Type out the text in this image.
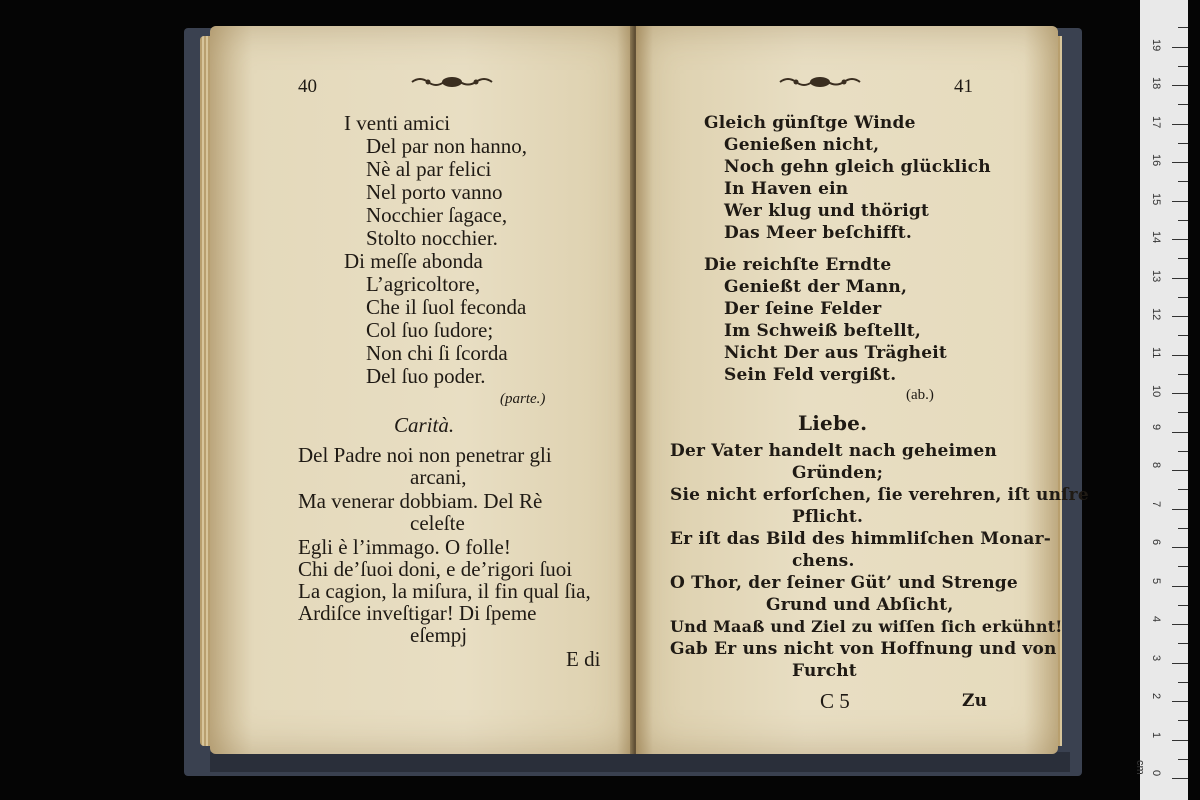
40
I venti amici
Del par non hanno,
Nè al par felici
Nel porto vanno
Nocchier ſagace,
Stolto nocchier.
Di meſſe abonda
L’agricoltore,
Che il ſuol feconda
Col ſuo ſudore;
Non chi ſi ſcorda
Del ſuo poder.
(parte.)
Carità.
Del Padre noi non penetrar gli
arcani,
Ma venerar dobbiam. Del Rè
celeſte
Egli è l’immago. O folle!
Chi de’ſuoi doni, e de’rigori ſuoi
La cagion, la miſura, il fin qual ſia,
Ardiſce inveſtigar! Di ſpeme
eſempj
E di
41
Gleich günſtge Winde
Genießen nicht,
Noch gehn gleich glücklich
In Haven ein
Wer klug und thörigt
Das Meer beſchifft.
Die reichſte Erndte
Genießt der Mann,
Der ſeine Felder
Im Schweiß beſtellt,
Nicht Der aus Trägheit
Sein Feld vergißt.
(ab.)
Liebe.
Der Vater handelt nach geheimen
Gründen;
Sie nicht erforſchen, ſie verehren, iſt unſre
Pflicht.
Er iſt das Bild des himmliſchen Monar-
chens.
O Thor, der ſeiner Güt’ und Strenge
Grund und Abſicht,
Und Maaß und Ziel zu wiſſen ſich erkühnt!
Gab Er uns nicht von Hoffnung und von
Furcht
C 5	Zu
cm 0
1
2
3
4
5
6
7
8
9
10
11
12
13
14
15
16
17
18
19
